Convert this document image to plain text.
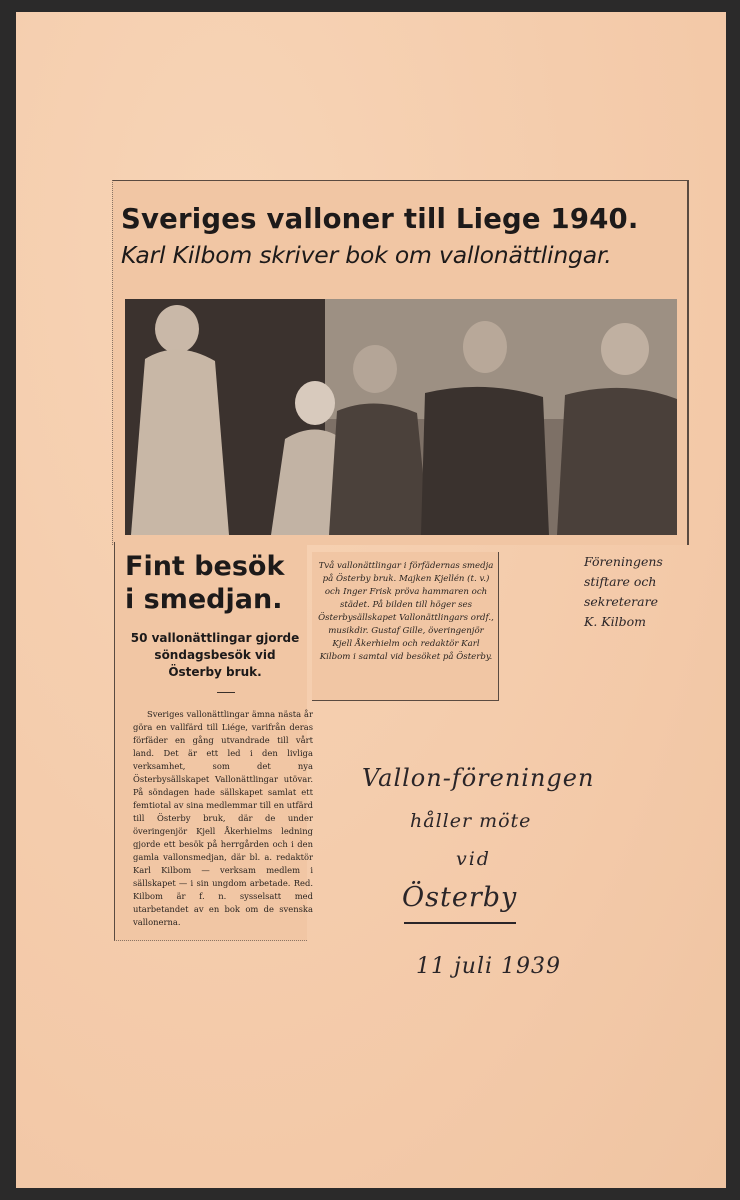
Sveriges valloner till Liege 1940.
Karl Kilbom skriver bok om vallonättlingar.
Fint besök
i smedjan.
50 vallonättlingar gjorde söndagsbesök vid Österby bruk.

Sveriges vallonättlingar ämna nästa år göra en vallfärd till Liége, varifrån deras förfäder en gång utvandrade till vårt land. Det är ett led i den livliga verksamhet, som det nya Österbysällskapet Vallonättlingar utövar. På söndagen hade sällskapet samlat ett femtiotal av sina medlemmar till en utfärd till Österby bruk, där de under överingenjör Kjell Åkerhielms ledning gjorde ett besök på herrgården och i den gamla vallonsmedjan, där bl. a. redaktör Karl Kilbom — verksam medlem i sällskapet — i sin ungdom arbetade. Red. Kilbom är f. n. sysselsatt med utarbetandet av en bok om de svenska vallonerna.

Två vallonättlingar i förfädernas smedja på Österby bruk. Majken Kjellén (t. v.) och Inger Frisk pröva hammaren och städet. På bilden till höger ses Österbysällskapet Vallonättlingars ordf., musikdir. Gustaf Gille, överingenjör Kjell Åkerhielm och redaktör Karl Kilbom i samtal vid besöket på Österby.

Föreningens
stiftare och
sekreterare
K. Kilbom
Vallon-föreningen
håller möte
vid
Österby
11 juli 1939
